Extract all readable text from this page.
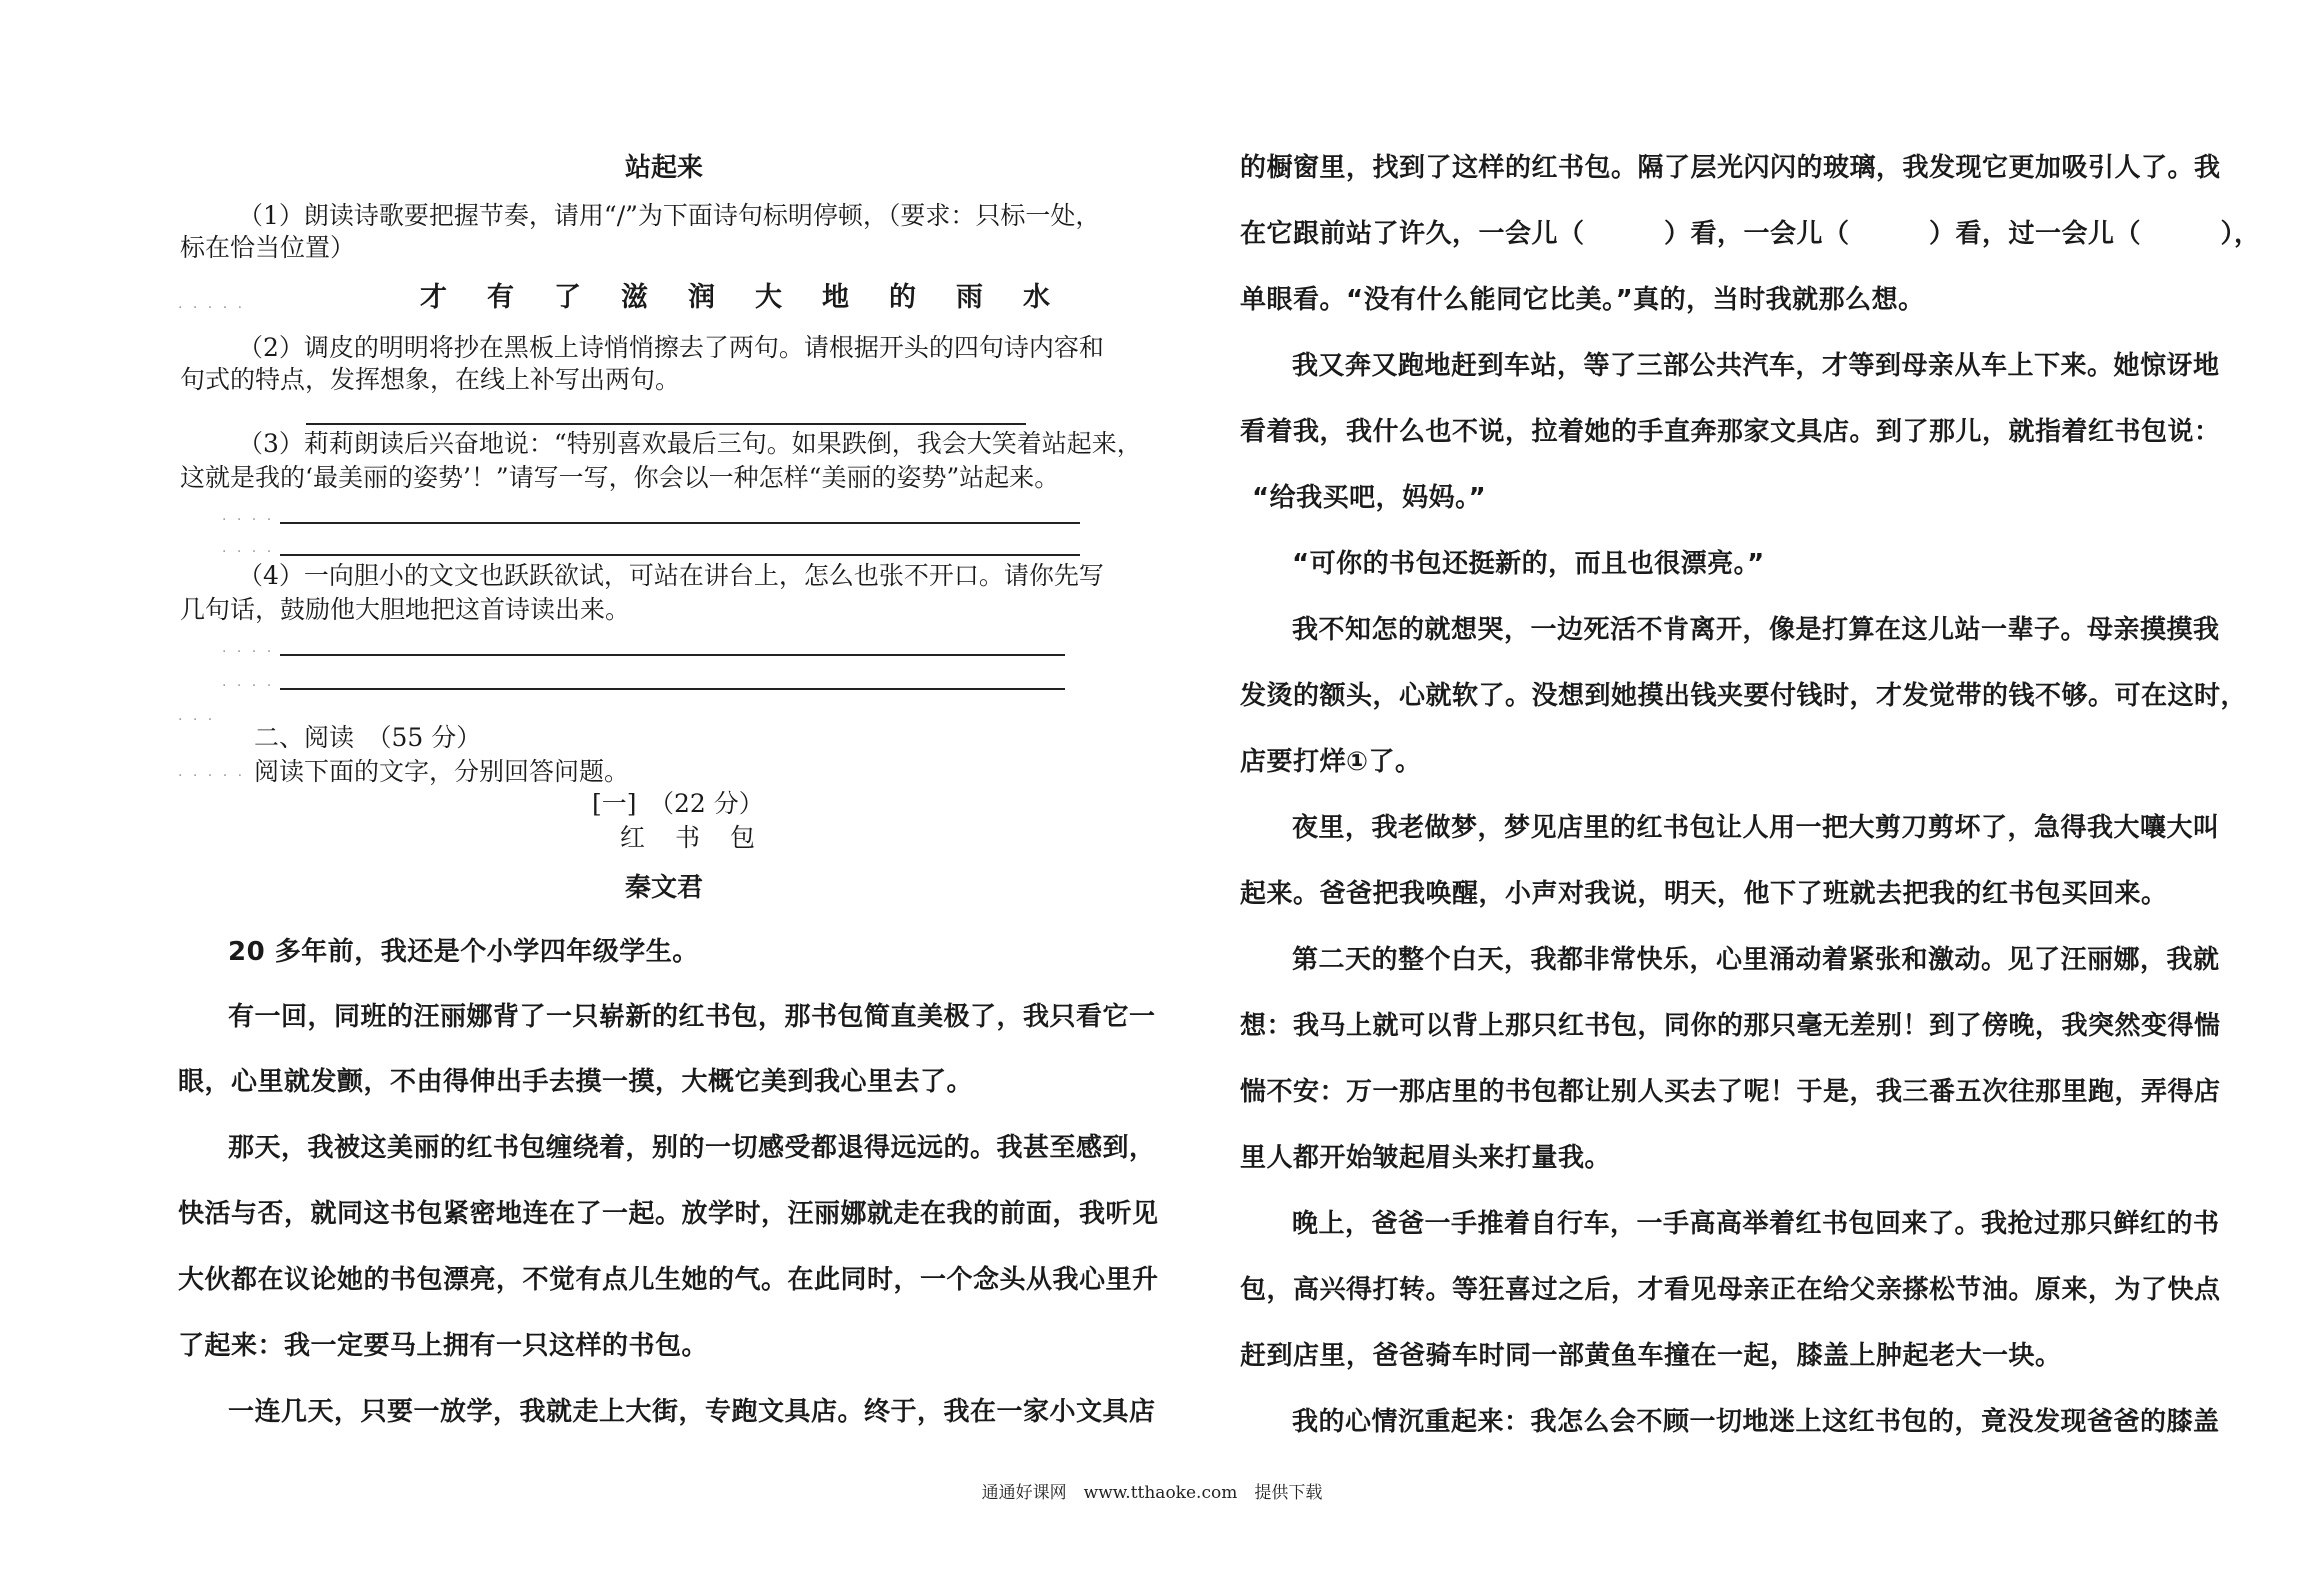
站起来
（1）朗读诗歌要把握节奏，请用“/”为下面诗句标明停顿，（要求：只标一处，
标在恰当位置）
. . . . .	才有了滋润大地的雨水
（2）调皮的明明将抄在黑板上诗悄悄擦去了两句。请根据开头的四句诗内容和
句式的特点，发挥想象，在线上补写出两句。
（3）莉莉朗读后兴奋地说：“特别喜欢最后三句。如果跌倒，我会大笑着站起来，
这就是我的‘最美丽的姿势’！”请写一写，你会以一种怎样“美丽的姿势”站起来。
. . . .
. . . .
（4）一向胆小的文文也跃跃欲试，可站在讲台上，怎么也张不开口。请你先写
几句话，鼓励他大胆地把这首诗读出来。
. . . .
. . . .
. . .
二、阅读　（55 分）
. . . . . 阅读下面的文字，分别回答问题。
[一]　（22 分）
红书包
秦文君
20 多年前，我还是个小学四年级学生。
有一回，同班的汪丽娜背了一只崭新的红书包，那书包简直美极了，我只看它一
眼，心里就发颤，不由得伸出手去摸一摸，大概它美到我心里去了。
那天，我被这美丽的红书包缠绕着，别的一切感受都退得远远的。我甚至感到，
快活与否，就同这书包紧密地连在了一起。放学时，汪丽娜就走在我的前面，我听见
大伙都在议论她的书包漂亮，不觉有点儿生她的气。在此同时，一个念头从我心里升
了起来：我一定要马上拥有一只这样的书包。
一连几天，只要一放学，我就走上大街，专跑文具店。终于，我在一家小文具店
的橱窗里，找到了这样的红书包。隔了层光闪闪的玻璃，我发现它更加吸引人了。我
在它跟前站了许久，一会儿（　　　）看，一会儿（　　　）看，过一会儿（　　　），
单眼看。“没有什么能同它比美。”真的，当时我就那么想。
我又奔又跑地赶到车站，等了三部公共汽车，才等到母亲从车上下来。她惊讶地
看着我，我什么也不说，拉着她的手直奔那家文具店。到了那儿，就指着红书包说：
“给我买吧，妈妈。”
“可你的书包还挺新的，而且也很漂亮。”
我不知怎的就想哭，一边死活不肯离开，像是打算在这儿站一辈子。母亲摸摸我
发烫的额头，心就软了。没想到她摸出钱夹要付钱时，才发觉带的钱不够。可在这时，
店要打烊①了。
夜里，我老做梦，梦见店里的红书包让人用一把大剪刀剪坏了，急得我大嚷大叫
起来。爸爸把我唤醒，小声对我说，明天，他下了班就去把我的红书包买回来。
第二天的整个白天，我都非常快乐，心里涌动着紧张和激动。见了汪丽娜，我就
想：我马上就可以背上那只红书包，同你的那只毫无差别！到了傍晚，我突然变得惴
惴不安：万一那店里的书包都让别人买去了呢！于是，我三番五次往那里跑，弄得店
里人都开始皱起眉头来打量我。
晚上，爸爸一手推着自行车，一手高高举着红书包回来了。我抢过那只鲜红的书
包，高兴得打转。等狂喜过之后，才看见母亲正在给父亲搽松节油。原来，为了快点
赶到店里，爸爸骑车时同一部黄鱼车撞在一起，膝盖上肿起老大一块。
我的心情沉重起来：我怎么会不顾一切地迷上这红书包的，竟没发现爸爸的膝盖
通通好课网　www.tthaoke.com　提供下载
